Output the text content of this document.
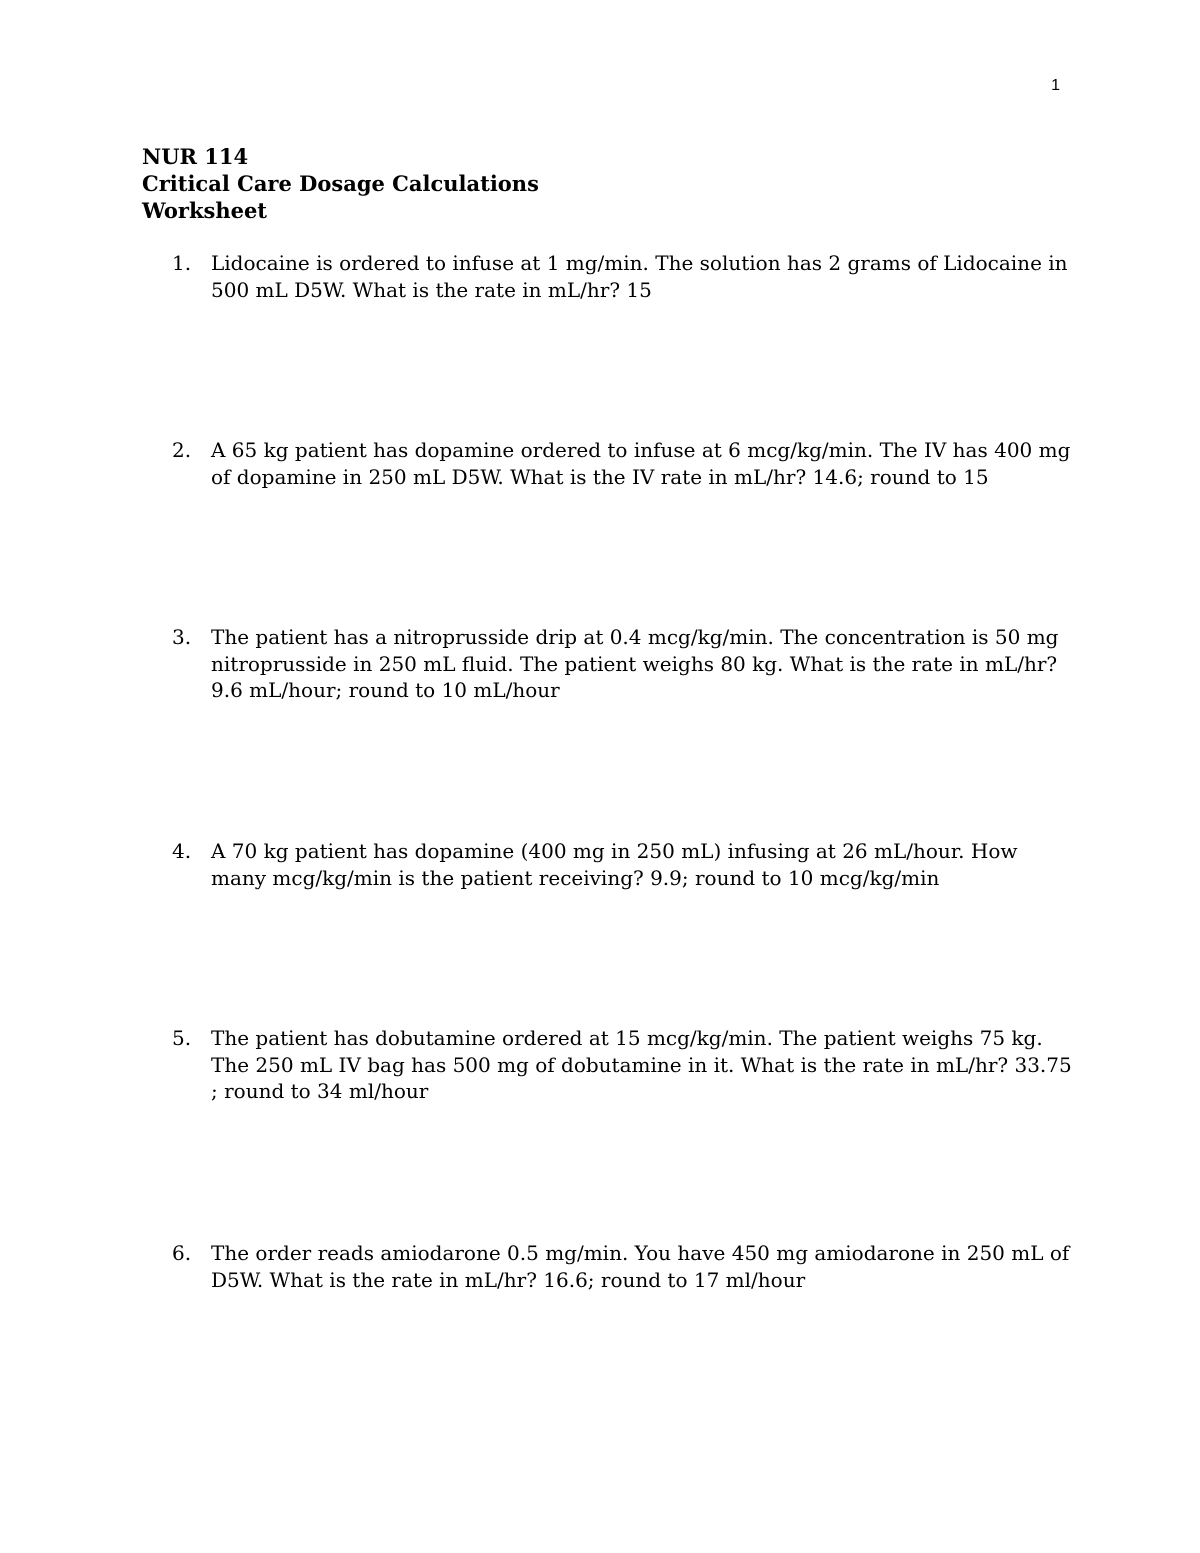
1
NUR 114
Critical Care Dosage Calculations
Worksheet
1. Lidocaine is ordered to infuse at 1 mg/min. The solution has 2 grams of Lidocaine in 500 mL D5W. What is the rate in mL/hr? 15
2. A 65 kg patient has dopamine ordered to infuse at 6 mcg/kg/min. The IV has 400 mg of dopamine in 250 mL D5W. What is the IV rate in mL/hr? 14.6; round to 15
3. The patient has a nitroprusside drip at 0.4 mcg/kg/min. The concentration is 50 mg nitroprusside in 250 mL fluid. The patient weighs 80 kg. What is the rate in mL/hr? 9.6 mL/hour; round to 10 mL/hour
4. A 70 kg patient has dopamine (400 mg in 250 mL) infusing at 26 mL/hour. How many mcg/kg/min is the patient receiving? 9.9; round to 10 mcg/kg/min
5. The patient has dobutamine ordered at 15 mcg/kg/min. The patient weighs 75 kg. The 250 mL IV bag has 500 mg of dobutamine in it. What is the rate in mL/hr? 33.75 ; round to 34 ml/hour
6. The order reads amiodarone 0.5 mg/min. You have 450 mg amiodarone in 250 mL of D5W. What is the rate in mL/hr? 16.6; round to 17 ml/hour
